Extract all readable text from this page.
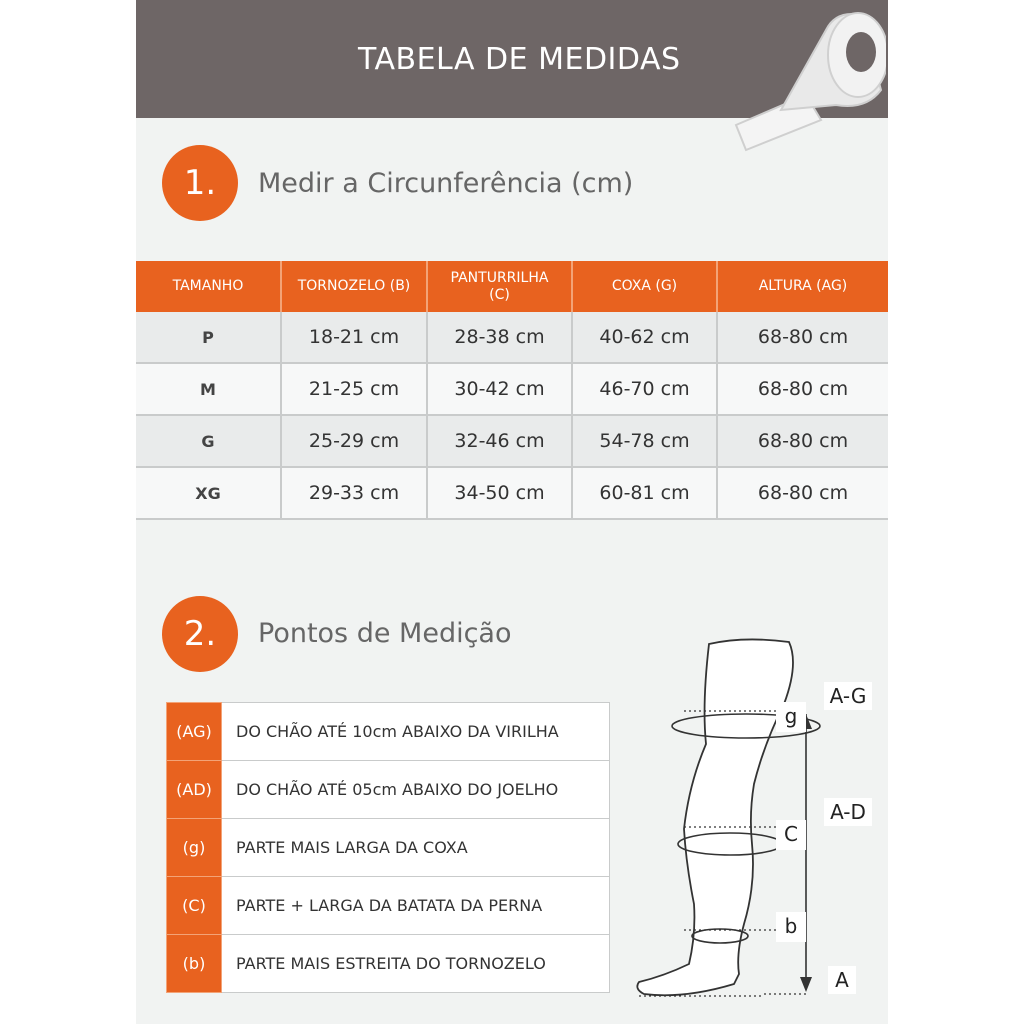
TABELA DE MEDIDAS
1.	Medir a Circunferência (cm)
TAMANHO	TORNOZELO (B)	PANTURRILHA (C)	COXA (G)	ALTURA (AG)
P	18-21 cm	28-38 cm	40-62 cm	68-80 cm
M	21-25 cm	30-42 cm	46-70 cm	68-80 cm
G	25-29 cm	32-46 cm	54-78 cm	68-80 cm
XG	29-33 cm	34-50 cm	60-81 cm	68-80 cm
2.	Pontos de Medição
(AG)	DO CHÃO ATÉ 10cm ABAIXO DA VIRILHA
(AD)	DO CHÃO ATÉ 05cm ABAIXO DO JOELHO
(g)	PARTE MAIS LARGA DA COXA
(C)	PARTE + LARGA DA BATATA DA PERNA
(b)	PARTE MAIS ESTREITA DO TORNOZELO
g
C
b
A-G
A-D
A
